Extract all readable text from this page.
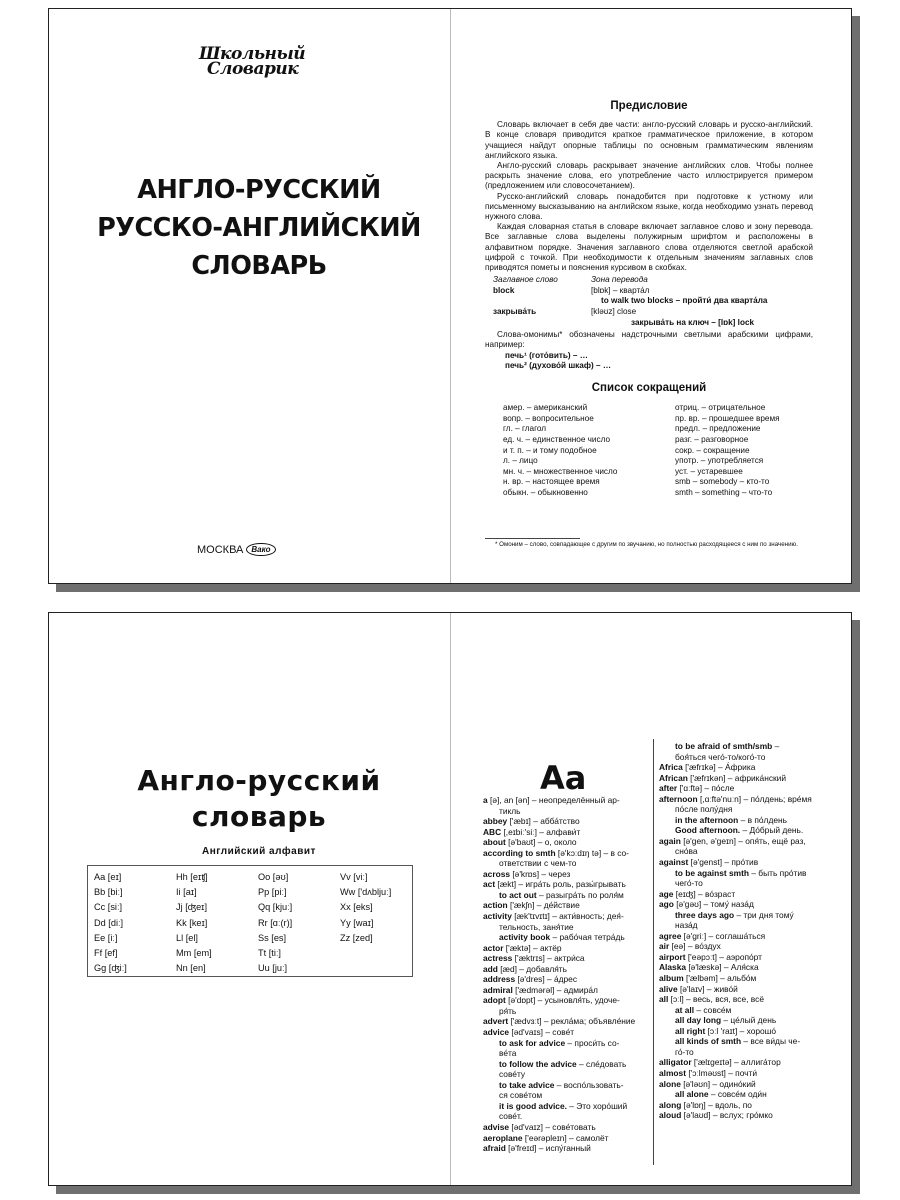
Школьный
Словарик
АНГЛО-РУССКИЙ
РУССКО-АНГЛИЙСКИЙ
СЛОВАРЬ
МОСКВА	Вако
Предисловие

Словарь включает в себя две части: англо-русский словарь и русско-английский. В конце словаря приводится краткое грамматическое приложение, в котором учащиеся найдут опорные таблицы по основным грамматическим явлениям английского языка.

Англо-русский словарь раскрывает значение английских слов. Чтобы полнее раскрыть значение слова, его употребление часто иллюстрируется примером (предложением или словосочетанием).

Русско-английский словарь понадобится при подготовке к устному или письменному высказыванию на английском языке, когда необходимо узнать перевод нужного слова.

Каждая словарная статья в словаре включает заглавное слово и зону перевода. Все заглавные слова выделены полужирным шрифтом и расположены в алфавитном порядке. Значения заглавного слова отделяются светлой арабской цифрой с точкой. При необходимости к отдельным значениям заглавных слов приводятся пометы и пояснения курсивом в скобках.

Заглавное слово	Зона перевода
block	[blɒk] – кварта́л
to walk two blocks – пройти́ два кварта́ла
закрыва́ть	[klәʊz] close
закрыва́ть на ключ – [lɒk] lock

Слова-омонимы* обозначены надстрочными светлыми арабскими цифрами, например:

печь¹ (гото́вить) – …
печь² (духово́й шкаф) – …
Список сокращений
амер. – американский	отриц. – отрицательное
вопр. – вопросительное	пр. вр. – прошедшее время
гл. – глагол	предл. – предложение
ед. ч. – единственное число	разг. – разговорное
и т. п. – и тому подобное	сокр. – сокращение
л. – лицо	употр. – употребляется
мн. ч. – множественное число	уст. – устаревшее
н. вр. – настоящее время	smb – somebody – кто-то
обыкн. – обыкновенно	smth – something – что-то
* Омоним – слово, совпадающее с другим по звучанию, но полностью расходящееся с ним по значению.
Англо-русский
словарь
Английский алфавит
Aa [eɪ]	Hh [eɪʧ]	Oo [әʊ]	Vv [viː]
Bb [biː]	Ii [aɪ]	Pp [piː]	Ww ['dʌbljuː]
Cc [siː]	Jj [ʤeɪ]	Qq [kjuː]	Xx [eks]
Dd [diː]	Kk [keɪ]	Rr [ɑː(r)]	Yy [waɪ]
Ee [iː]	Ll [el]	Ss [es]	Zz [zed]
Ff [ef]	Mm [em]	Tt [tiː]
Gg [ʤiː]	Nn [en]	Uu [juː]
Aa
a [ә], an [әn] – неопределённый ар-
тикль
abbey ['æbɪ] – абба́тство
ABC [,eɪbiː'siː] – алфави́т
about [ә'baʊt] – о, около
according to smth [ә'kɔːdɪŋ tә] – в со-
ответствии с чем-то
across [ә'krɒs] – через
act [ækt] – игра́ть роль, разы́грывать
to act out – разыгра́ть по роля́м
action ['ækʃn] – де́йствие
activity [æk'tɪvɪtɪ] – акти́вность; дея́-
тельность, заня́тие
activity book – рабо́чая тетра́дь
actor ['æktә] – актёр
actress ['æktrɪs] – актри́са
add [æd] – добавля́ть
address [ә'dres] – а́дрес
admiral ['ædmәrәl] – адмира́л
adopt [ә'dɒpt] – усыновля́ть, удоче-
ря́ть
advert ['ædvɜːt] – рекла́ма; объявле́ние
advice [әd'vaɪs] – сове́т
to ask for advice – проси́ть со-
ве́та
to follow the advice – сле́довать
сове́ту
to take advice – воспо́льзовать-
ся сове́том
it is good advice. – Это хоро́ший
сове́т.
advise [әd'vaɪz] – сове́товать
aeroplane ['eәrәpleɪn] – самолёт
afraid [ә'freɪd] – испу́ганный
to be afraid of smth/smb –
боя́ться чего́-то/кого́-то
Africa ['æfrɪkә] – А́фрика
African ['æfrɪkәn] – африка́нский
after ['ɑːftә] – по́сле
afternoon [,ɑːftә'nuːn] – по́лдень; вре́мя
по́сле полу́дня
in the afternoon – в по́лдень
Good afternoon. – До́брый день.
again [ә'gen, ә'geɪn] – опя́ть, ещё раз,
сно́ва
against [ә'genst] – про́тив
to be against smth – быть про́тив
чего́-то
age [eɪʤ] – во́зраст
ago [ә'gәʊ] – тому́ наза́д
three days ago – три дня тому́
наза́д
agree [ә'griː] – соглаша́ться
air [eә] – во́здух
airport ['eәpɔːt] – аэропо́рт
Alaska [ә'læskә] – Аля́ска
album ['ælbәm] – альбо́м
alive [ә'laɪv] – живо́й
all [ɔːl] – весь, вся, все, всё
at all – совсе́м
all day long – це́лый день
all right [ɔːl 'raɪt] – хорошо́
all kinds of smth – все ви́ды че-
го́-то
alligator ['ælɪgeɪtә] – аллига́тор
almost ['ɔːlmәʊst] – почти́
alone [ә'lәʊn] – одино́кий
all alone – совсе́м оди́н
along [ә'lɒŋ] – вдоль, по
aloud [ә'laʊd] – вслух; гро́мко
